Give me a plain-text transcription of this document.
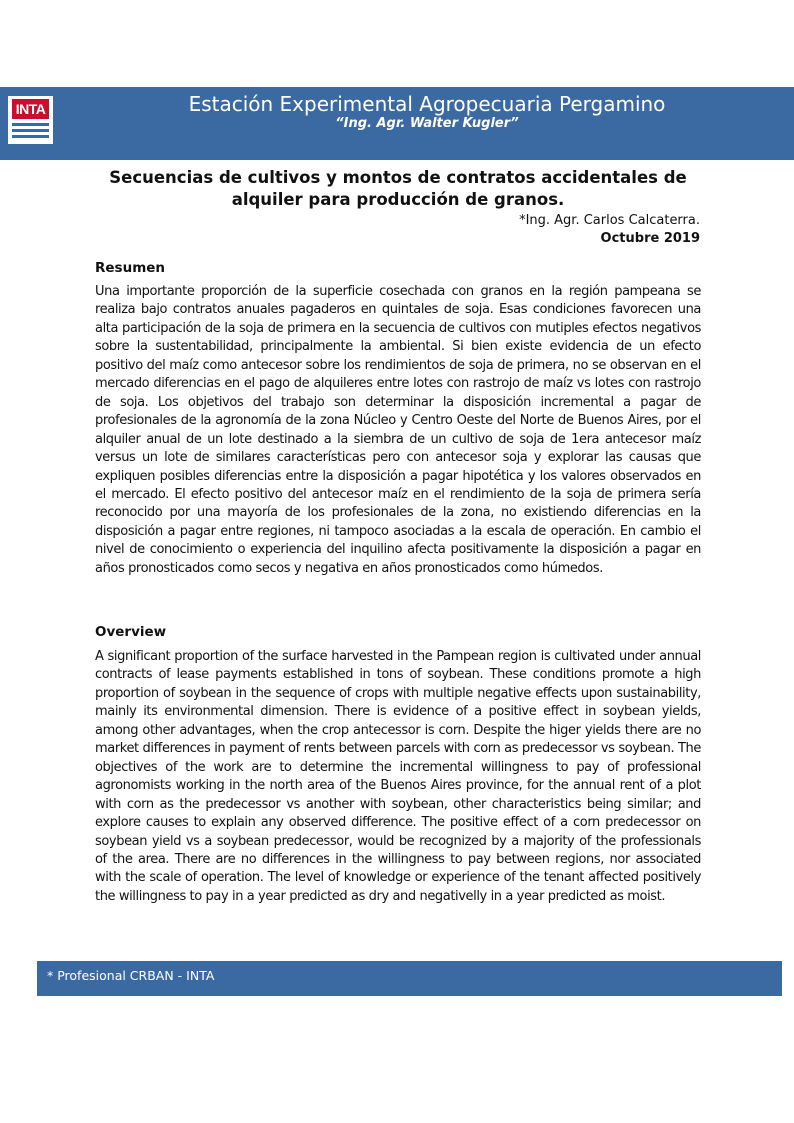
INTA	Estación Experimental Agropecuaria Pergamino
“Ing. Agr. Walter Kugler”
Secuencias de cultivos y montos de contratos accidentales de alquiler para producción de granos.
*Ing. Agr. Carlos Calcaterra.
Octubre 2019
Resumen
Una importante proporción de la superficie cosechada con granos en la región pampeana se realiza bajo contratos anuales pagaderos en quintales de soja. Esas condiciones favorecen una alta participación de la soja de primera en la secuencia de cultivos con mutiples efectos negativos sobre la sustentabilidad, principalmente la ambiental. Si bien existe evidencia de un efecto positivo del maíz como antecesor sobre los rendimientos de soja de primera, no se observan en el mercado diferencias en el pago de alquileres entre lotes con rastrojo de maíz vs lotes con rastrojo de soja. Los objetivos del trabajo son determinar la disposición incremental a pagar de profesionales de la agronomía de la zona Núcleo y Centro Oeste del Norte de Buenos Aires, por el alquiler anual de un lote destinado a la siembra de un cultivo de soja de 1era antecesor maíz versus un lote de similares características pero con antecesor soja y explorar las causas que expliquen posibles diferencias entre la disposición a pagar hipotética y los valores observados en el mercado. El efecto positivo del antecesor maíz en el rendimiento de la soja de primera sería reconocido por una mayoría de los profesionales de la zona, no existiendo diferencias en la disposición a pagar entre regiones, ni tampoco asociadas a la escala de operación. En cambio el nivel de conocimiento o experiencia del inquilino afecta positivamente la disposición a pagar en años pronosticados como secos y negativa en años pronosticados como húmedos.
Overview
A significant proportion of the surface harvested in the Pampean region is cultivated under annual contracts of lease payments established in tons of soybean. These conditions promote a high proportion of soybean in the sequence of crops with multiple negative effects upon sustainability, mainly its environmental dimension. There is evidence of a positive effect in soybean yields, among other advantages, when the crop antecessor is corn. Despite the higer yields there are no market differences in payment of rents between parcels with corn as predecessor vs soybean. The objectives of the work are to determine the incremental willingness to pay of professional agronomists working in the north area of the Buenos Aires province, for the annual rent of a plot with corn as the predecessor vs another with soybean, other characteristics being similar; and explore causes to explain any observed difference. The positive effect of a corn predecessor on soybean yield vs a soybean predecessor, would be recognized by a majority of the professionals of the area. There are no differences in the willingness to pay between regions, nor associated with the scale of operation. The level of knowledge or experience of the tenant affected positively the willingness to pay in a year predicted as dry and negativelly in a year predicted as moist.
* Profesional CRBAN - INTA
